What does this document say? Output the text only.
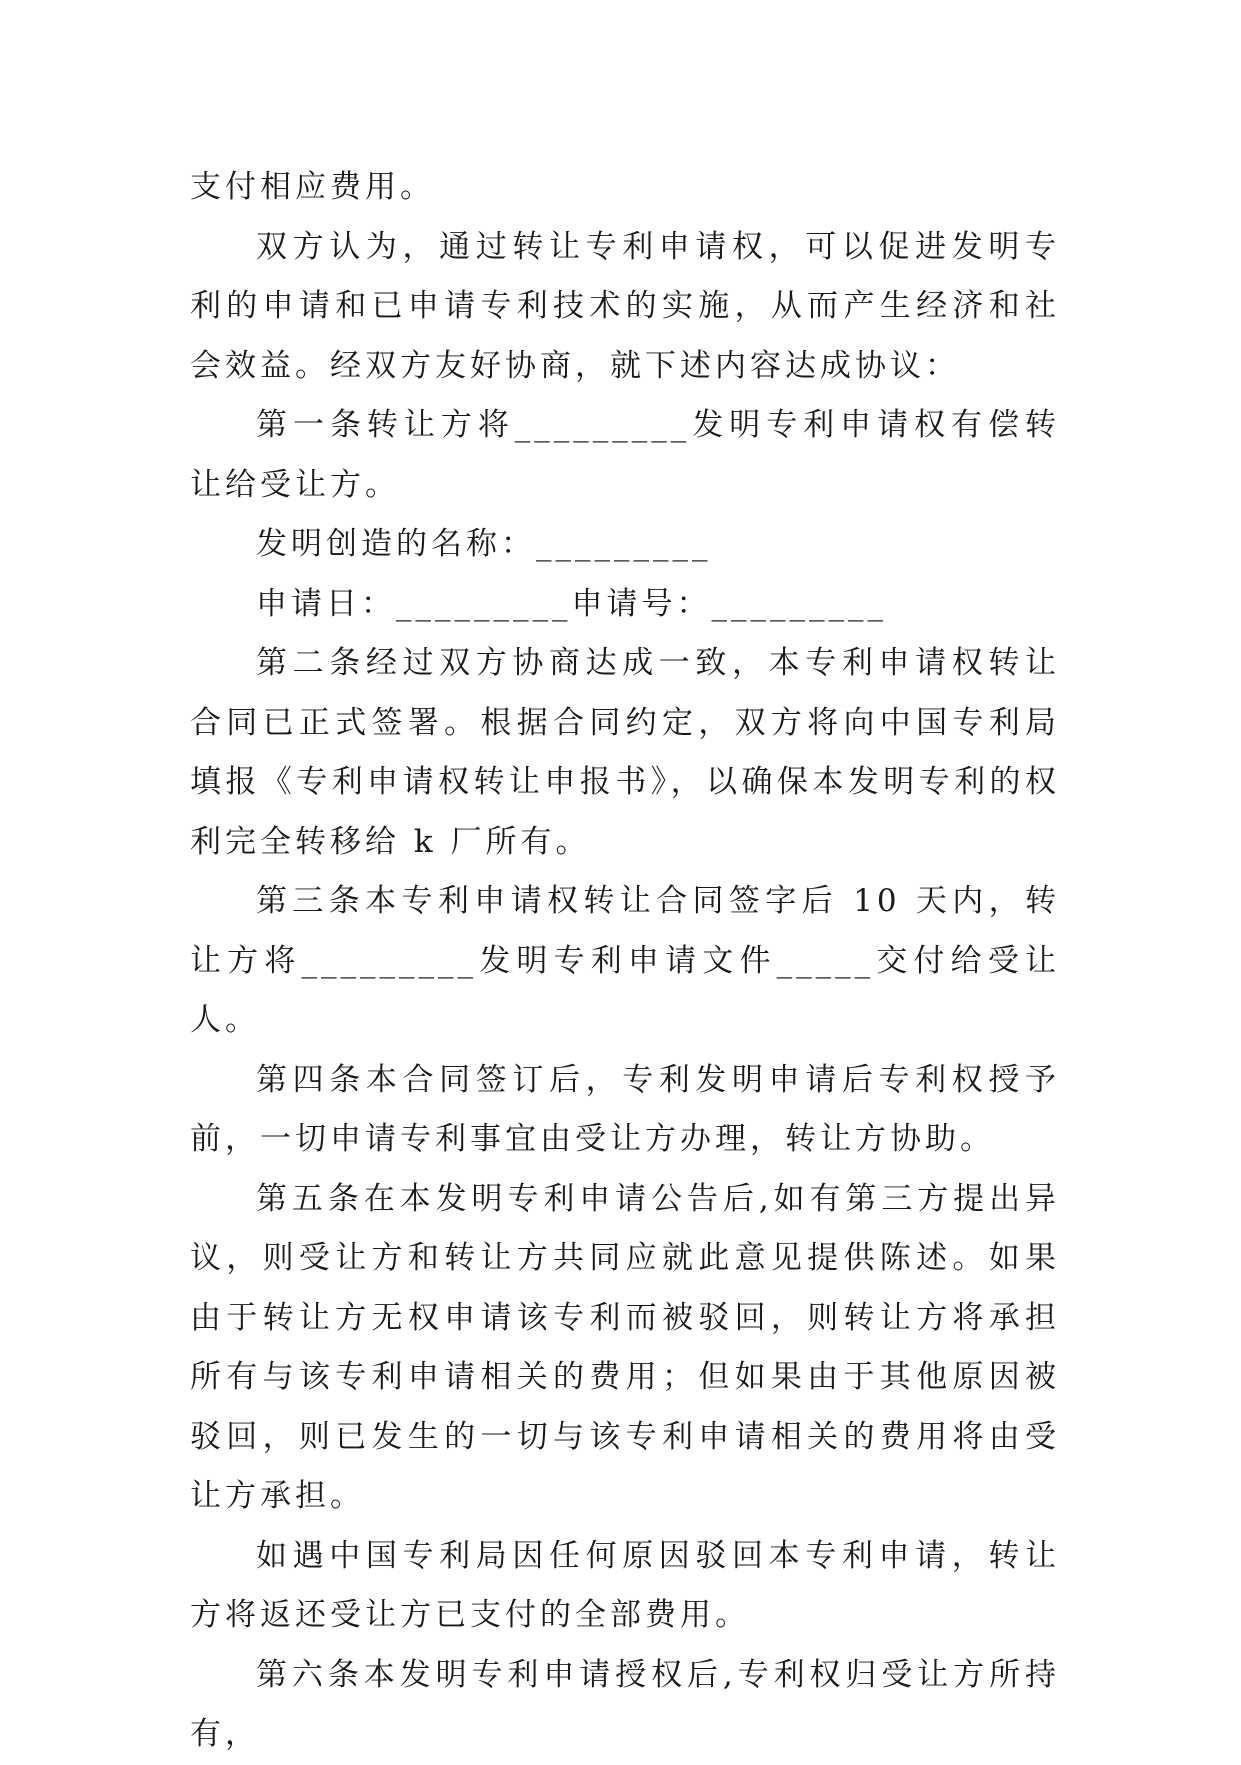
支付相应费用。

双方认为，通过转让专利申请权，可以促进发明专利的申请和已申请专利技术的实施，从而产生经济和社会效益。经双方友好协商，就下述内容达成协议：

第一条转让方将_________发明专利申请权有偿转让给受让方。

发明创造的名称：_________

申请日：_________申请号：_________

第二条经过双方协商达成一致，本专利申请权转让合同已正式签署。根据合同约定，双方将向中国专利局填报《专利申请权转让申报书》，以确保本发明专利的权利完全转移给 k 厂所有。

第三条本专利申请权转让合同签字后 10 天内，转让方将_________发明专利申请文件_____交付给受让人。

第四条本合同签订后，专利发明申请后专利权授予前，一切申请专利事宜由受让方办理，转让方协助。

第五条在本发明专利申请公告后,如有第三方提出异议，则受让方和转让方共同应就此意见提供陈述。如果由于转让方无权申请该专利而被驳回，则转让方将承担所有与该专利申请相关的费用；但如果由于其他原因被驳回，则已发生的一切与该专利申请相关的费用将由受让方承担。

如遇中国专利局因任何原因驳回本专利申请，转让方将返还受让方已支付的全部费用。

第六条本发明专利申请授权后,专利权归受让方所持有，
